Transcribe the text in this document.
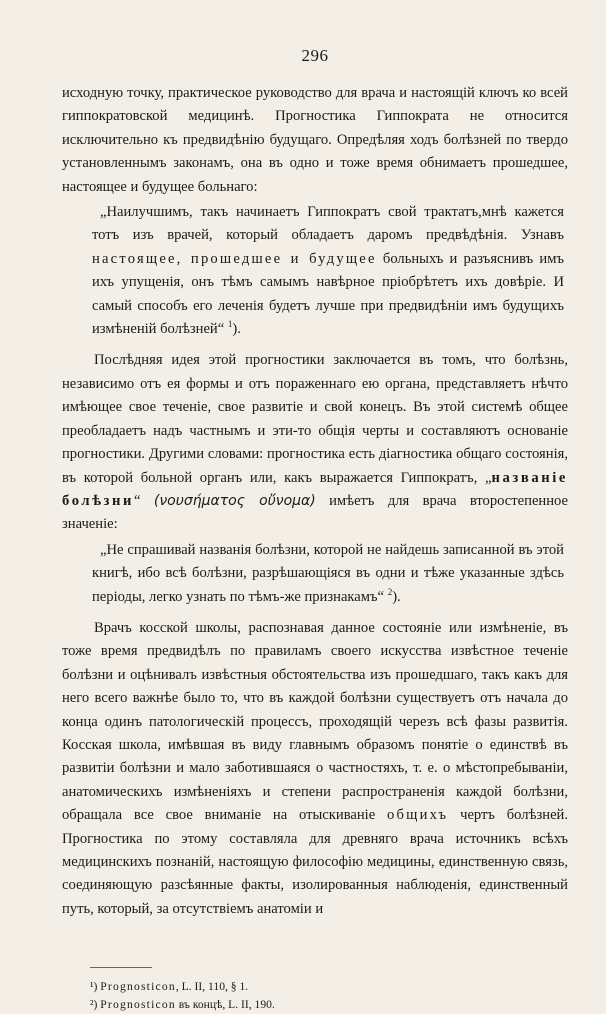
296

исходную точку, практическое руководство для врача и настоящій ключъ ко всей гиппократовской медицинѣ. Прогностика Гиппократа не относится исключительно къ предвидѣнію будущаго. Опредѣляя ходъ болѣзней по твердо установленнымъ законамъ, она въ одно и тоже время обнимаетъ прошедшее, настоящее и будущее больнаго:

„Наилучшимъ, такъ начинаетъ Гиппократъ свой трактатъ,мнѣ кажется тотъ изъ врачей, который обладаетъ даромъ предвѣдѣнія. Узнавъ настоящее, прошедшее и будущее больныхъ и разъяснивъ имъ ихъ упущенія, онъ тѣмъ самымъ навѣрное пріобрѣтетъ ихъ довѣріе. И самый способъ его леченія будетъ лучше при предвидѣніи имъ будущихъ измѣненій болѣзней“ $^1$).

Послѣдняя идея этой прогностики заключается въ томъ, что болѣзнь, независимо отъ ея формы и отъ пораженнаго ею органа, представляетъ нѣчто имѣющее свое теченіе, свое развитіе и свой конецъ. Въ этой системѣ общее преобладаетъ надъ частнымъ и эти-то общія черты и составляютъ основаніе прогностики. Другими словами: прогностика есть діагностика общаго состоянія, въ которой больной органъ или, какъ выражается Гиппократъ, „названіе болѣзни“ (νουσήματος οὔνομα) имѣетъ для врача второстепенное значеніе:

„Не спрашивай названія болѣзни, которой не найдешь записанной въ этой книгѣ, ибо всѣ болѣзни, разрѣшающіяся въ одни и тѣже указанные здѣсь періоды, легко узнать по тѣмъ-же признакамъ“ $^2$).

Врачъ косской школы, распознавая данное состояніе или измѣненіе, въ тоже время предвидѣлъ по правиламъ своего искусства извѣстное теченіе болѣзни и оцѣнивалъ извѣстныя обстоятельства изъ прошедшаго, такъ какъ для него всего важнѣе было то, что въ каждой болѣзни существуетъ отъ начала до конца одинъ патологическій процессъ, проходящій черезъ всѣ фазы развитія. Косская школа, имѣвшая въ виду главнымъ образомъ понятіе о единствѣ въ развитіи болѣзни и мало заботившаяся о частностяхъ, т. е. о мѣстопребываніи, анатомическихъ измѣненіяхъ и степени распространенія каждой болѣзни, обращала все свое вниманіе на отыскиваніе общихъ чертъ болѣзней. Прогностика по этому составляла для древняго врача источникъ всѣхъ медицинскихъ познаній, настоящую философію медицины, единственную связь, соединяющую разсѣянные факты, изолированныя наблюденія, единственный путь, который, за отсутствіемъ анатоміи и

¹) Prognosticon, L. II, 110, § 1.
²) Prognosticon въ концѣ, L. II, 190.
